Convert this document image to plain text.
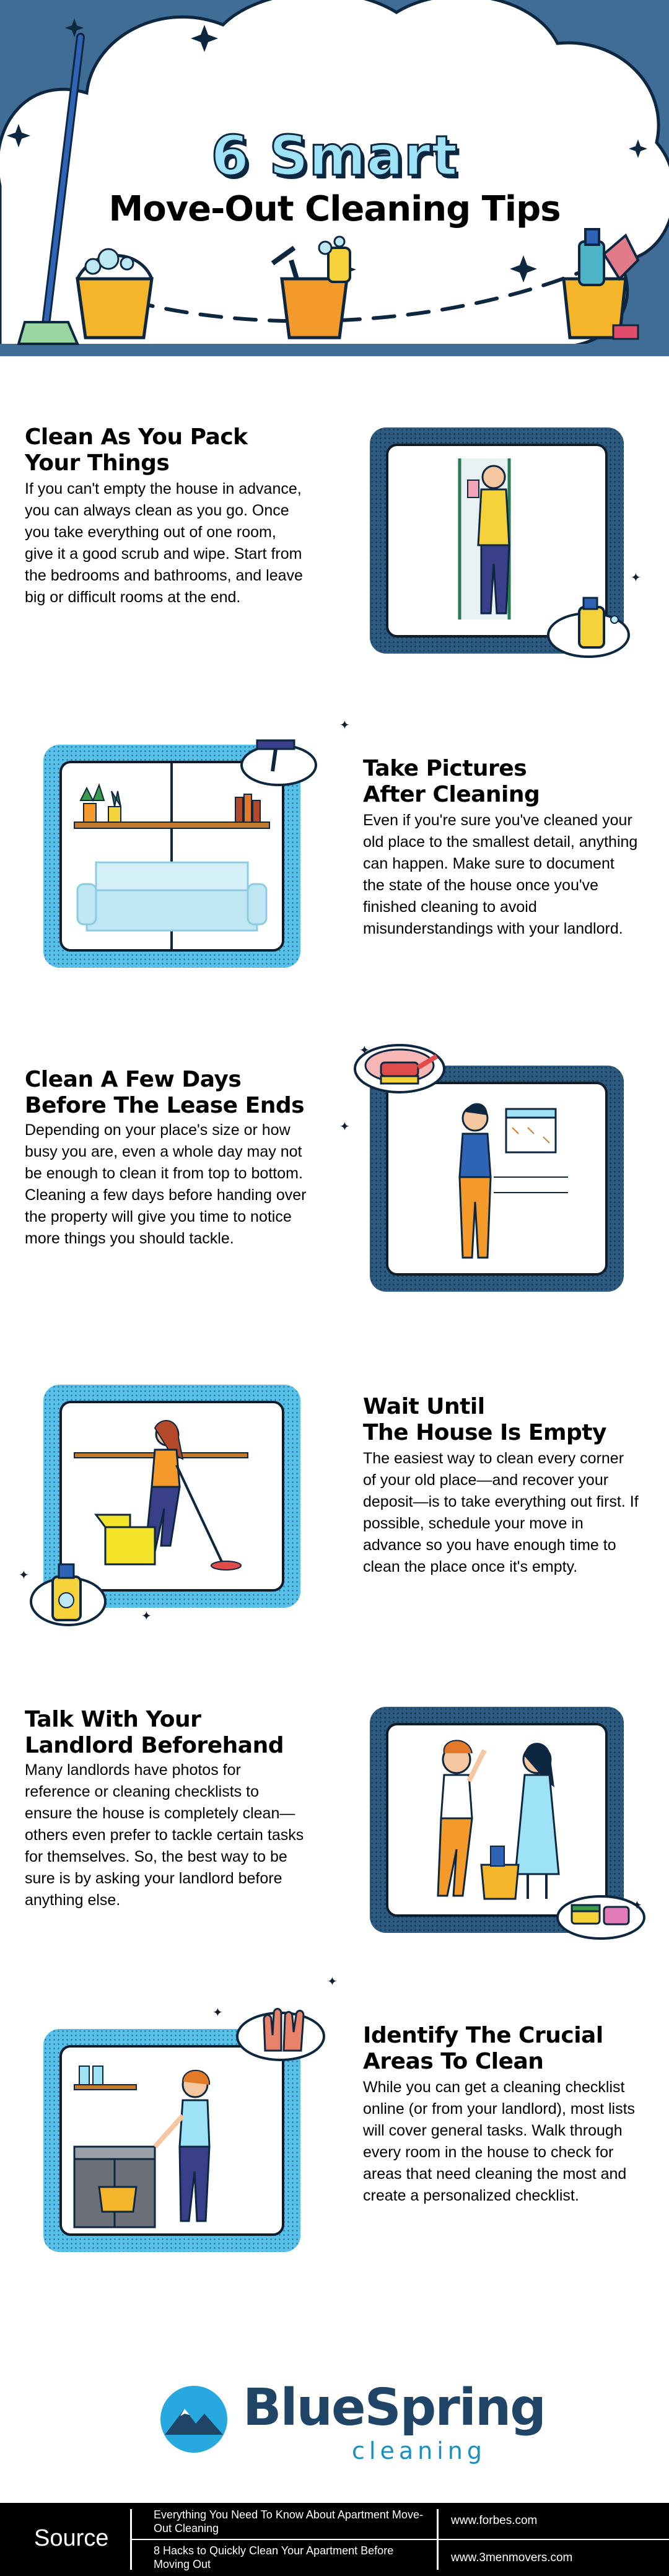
6 Smart
Move-Out Cleaning Tips
Clean As You Pack
Your Things
If you can't empty the house in advance, you can always clean as you go. Once you take everything out of one room, give it a good scrub and wipe. Start from the bedrooms and bathrooms, and leave big or difficult rooms at the end.
✦
✦
Take Pictures
After Cleaning
Even if you're sure you've cleaned your old place to the smallest detail, anything can happen. Make sure to document the state of the house once you've finished cleaning to avoid misunderstandings with your landlord.
Clean A Few Days
Before The Lease Ends
Depending on your place's size or how busy you are, even a whole day may not be enough to clean it from top to bottom. Cleaning a few days before handing over the property will give you time to notice more things you should tackle.
✦
✦
✦
✦
Wait Until
The House Is Empty
The easiest way to clean every corner of your old place—and recover your deposit—is to take everything out first. If possible, schedule your move in advance so you have enough time to clean the place once it's empty.
Talk With Your
Landlord Beforehand
Many landlords have photos for reference or cleaning checklists to ensure the house is completely clean—others even prefer to tackle certain tasks for themselves. So, the best way to be sure is by asking your landlord before anything else.	✦
✦
✦
Identify The Crucial
Areas To Clean
While you can get a cleaning checklist online (or from your landlord), most lists will cover general tasks. Walk through every room in the house to check for areas that need cleaning the most and create a personalized checklist.
BlueSpring
cleaning
Source
Everything You Need To Know About Apartment Move-Out Cleaning
www.forbes.com
8 Hacks to Quickly Clean Your Apartment Before Moving Out	www.3menmovers.com
